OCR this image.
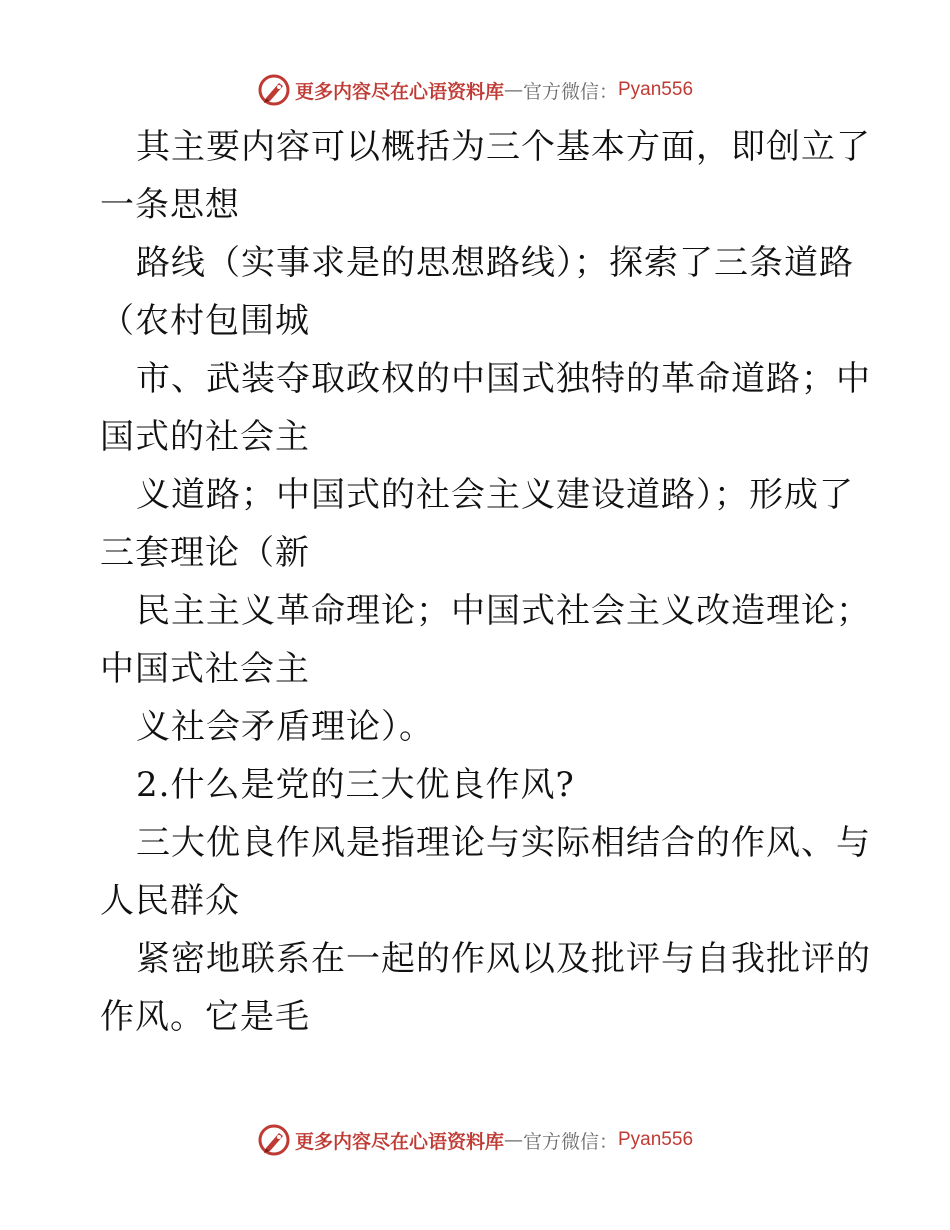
更多内容尽在心语资料库 — 官方微信： Pyan556
其主要内容可以概括为三个基本方面，即创立了
一条思想
路线（实事求是的思想路线）；探索了三条道路
（农村包围城
市、武装夺取政权的中国式独特的革命道路；中
国式的社会主
义道路；中国式的社会主义建设道路）；形成了
三套理论（新
民主主义革命理论；中国式社会主义改造理论；
中国式社会主
义社会矛盾理论）。
2.什么是党的三大优良作风?
三大优良作风是指理论与实际相结合的作风、与
人民群众
紧密地联系在一起的作风以及批评与自我批评的
作风。它是毛
更多内容尽在心语资料库 — 官方微信： Pyan556
